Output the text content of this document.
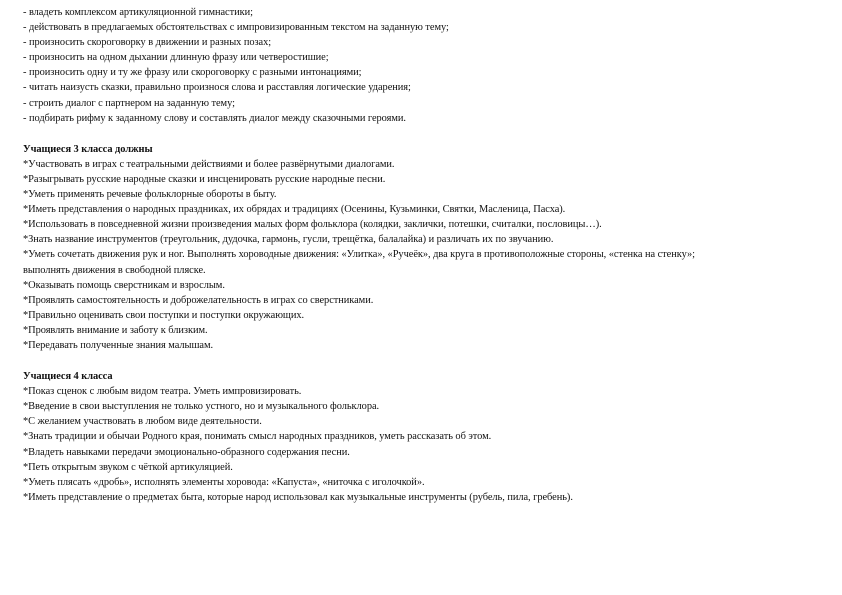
- владеть комплексом артикуляционной гимнастики;
- действовать в предлагаемых обстоятельствах с импровизированным текстом на заданную тему;
- произносить скороговорку в движении и разных позах;
- произносить на одном дыхании длинную фразу или четверостишие;
- произносить одну и ту же фразу или скороговорку с разными интонациями;
- читать наизусть сказки, правильно произнося слова и расставляя логические ударения;
- строить диалог с партнером на заданную тему;
- подбирать рифму к заданному слову и составлять диалог между сказочными героями.
Учащиеся 3 класса должны
*Участвовать в играх с театральными действиями и более развёрнутыми диалогами.
*Разыгрывать русские народные сказки и инсценировать русские народные песни.
*Уметь применять речевые фольклорные обороты в быту.
*Иметь представления о народных праздниках, их обрядах и традициях (Осенины, Кузьминки, Святки, Масленица, Пасха).
*Использовать в повседневной жизни произведения малых форм фольклора (колядки, заклички, потешки, считалки, пословицы…).
*Знать название инструментов (треугольник, дудочка, гармонь, гусли, трещётка, балалайка) и различать их по звучанию.
*Уметь сочетать движения рук и ног. Выполнять хороводные движения: «Улитка», «Ручеёк», два круга в противоположные стороны, «стенка на стенку»;
выполнять движения в свободной пляске.
*Оказывать помощь сверстникам и взрослым.
*Проявлять самостоятельность и доброжелательность в играх со сверстниками.
*Правильно оценивать свои поступки и поступки окружающих.
*Проявлять внимание и заботу к близким.
*Передавать полученные знания малышам.
Учащиеся 4 класса
*Показ сценок с любым видом театра. Уметь импровизировать.
*Введение в свои выступления не только устного, но и музыкального фольклора.
*С желанием участвовать в любом виде деятельности.
*Знать традиции и обычаи Родного края, понимать смысл народных праздников, уметь рассказать об этом.
*Владеть навыками передачи эмоционально-образного содержания песни.
*Петь открытым звуком с чёткой артикуляцией.
*Уметь плясать «дробь», исполнять элементы хоровода: «Капуста», «ниточка с иголочкой».
*Иметь представление о предметах быта, которые народ использовал как музыкальные инструменты (рубель, пила, гребень).
